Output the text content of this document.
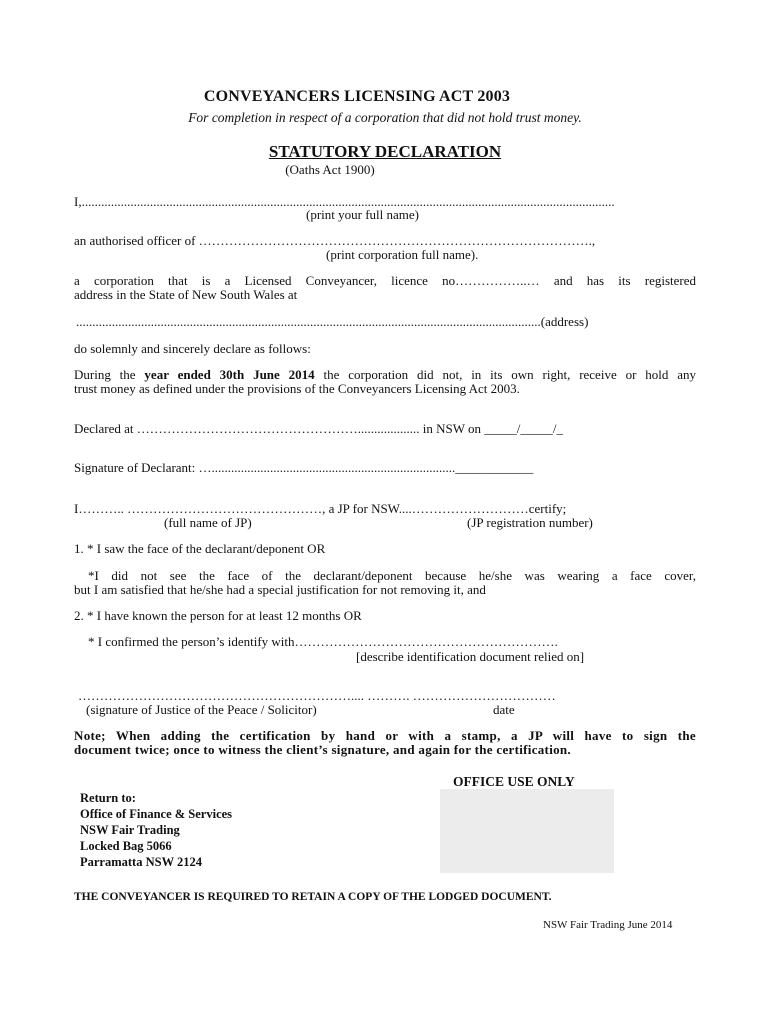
CONVEYANCERS LICENSING ACT 2003
For completion in respect of a corporation that did not hold trust money.
STATUTORY DECLARATION
(Oaths Act 1900)
I,....................................................................................................................................................................
(print your full name)
an authorised officer of ……………………………………………………………………………….,
(print corporation full name).
a corporation that is a Licensed Conveyancer, licence no……………..… and has its registered
address in the State of New South Wales at
...............................................................................................................................................(address)
do solemnly and sincerely declare as follows:
During the year ended 30th June 2014 the corporation did not, in its own right, receive or hold any
trust money as defined under the provisions of the Conveyancers Licensing Act 2003.
Declared at ……………………………………………................... in NSW on _____/_____/_
Signature of Declarant: …...........................................................................____________
I……….. ………………………………………, a JP for NSW....………………………certify;
(full name of JP)	(JP registration number)
1. * I saw the face of the declarant/deponent OR
*I did not see the face of the declarant/deponent because he/she was wearing a face cover,
but I am satisfied that he/she had a special justification for not removing it, and
2. * I have known the person for at least 12 months OR
* I confirmed the person’s identify with…………………………………………………….
[describe identification document relied on]
……………………………………………………….... ………. ……………………………
(signature of Justice of the Peace / Solicitor)	date
Note; When adding the certification by hand or with a stamp, a JP will have to sign the
document twice; once to witness the client’s signature, and again for the certification.
OFFICE USE ONLY
Return to:
Office of Finance & Services
NSW Fair Trading
Locked Bag 5066
Parramatta NSW 2124
THE CONVEYANCER IS REQUIRED TO RETAIN A COPY OF THE LODGED DOCUMENT.
NSW Fair Trading June 2014
